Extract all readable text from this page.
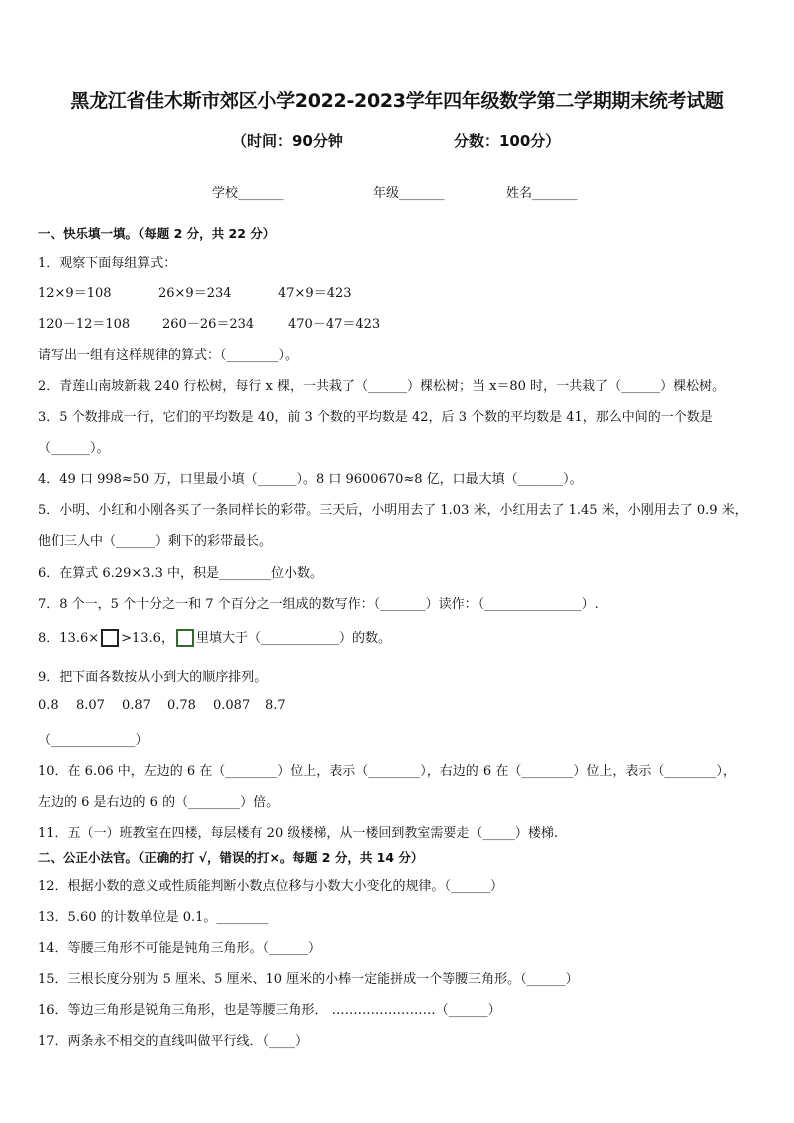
黑龙江省佳木斯市郊区小学2022-2023学年四年级数学第二学期期末统考试题
（时间：90分钟	分数：100分）
学校_______	年级_______	姓名_______
一、快乐填一填。（每题 2 分，共 22 分）
1．观察下面每组算式：
12×9＝108	26×9＝234	47×9＝423
120－12＝108 260－26＝234	470－47＝423
请写出一组有这样规律的算式：（________）。
2．青莲山南坡新栽 240 行松树，每行 x 棵，一共栽了（______）棵松树；当 x＝80 时，一共栽了（______）棵松树。
3．5 个数排成一行，它们的平均数是 40，前 3 个数的平均数是 42，后 3 个数的平均数是 41，那么中间的一个数是
（______）。
4．49 口 998≈50 万，口里最小填（______）。8 口 9600670≈8 亿，口最大填（_______）。
5．小明、小红和小刚各买了一条同样长的彩带。三天后，小明用去了 1.03 米，小红用去了 1.45 米，小刚用去了 0.9 米，
他们三人中（______）剩下的彩带最长。
6．在算式 6.29×3.3 中，积是________位小数。
7．8 个一，5 个十分之一和 7 个百分之一组成的数写作：（_______）读作：（_______________）.
8．13.6× >13.6， 里填大于（____________）的数。
9．把下面各数按从小到大的顺序排列。
0.8 8.07 0.87 0.78 0.087 8.7
（_____________）
10．在 6.06 中，左边的 6 在（________）位上，表示（________），右边的 6 在（________）位上，表示（________），
左边的 6 是右边的 6 的（________）倍。
11．五（一）班教室在四楼，每层楼有 20 级楼梯，从一楼回到教室需要走（_____）楼梯.
二、公正小法官。（正确的打 √，错误的打×。每题 2 分，共 14 分）
12．根据小数的意义或性质能判断小数点位移与小数大小变化的规律。（______）
13．5.60 的计数单位是 0.1。________
14．等腰三角形不可能是钝角三角形。（______）
15．三根长度分别为 5 厘米、5 厘米、10 厘米的小棒一定能拼成一个等腰三角形。（______）
16．等边三角形是锐角三角形，也是等腰三角形． ……………………（______）
17．两条永不相交的直线叫做平行线．（____）
